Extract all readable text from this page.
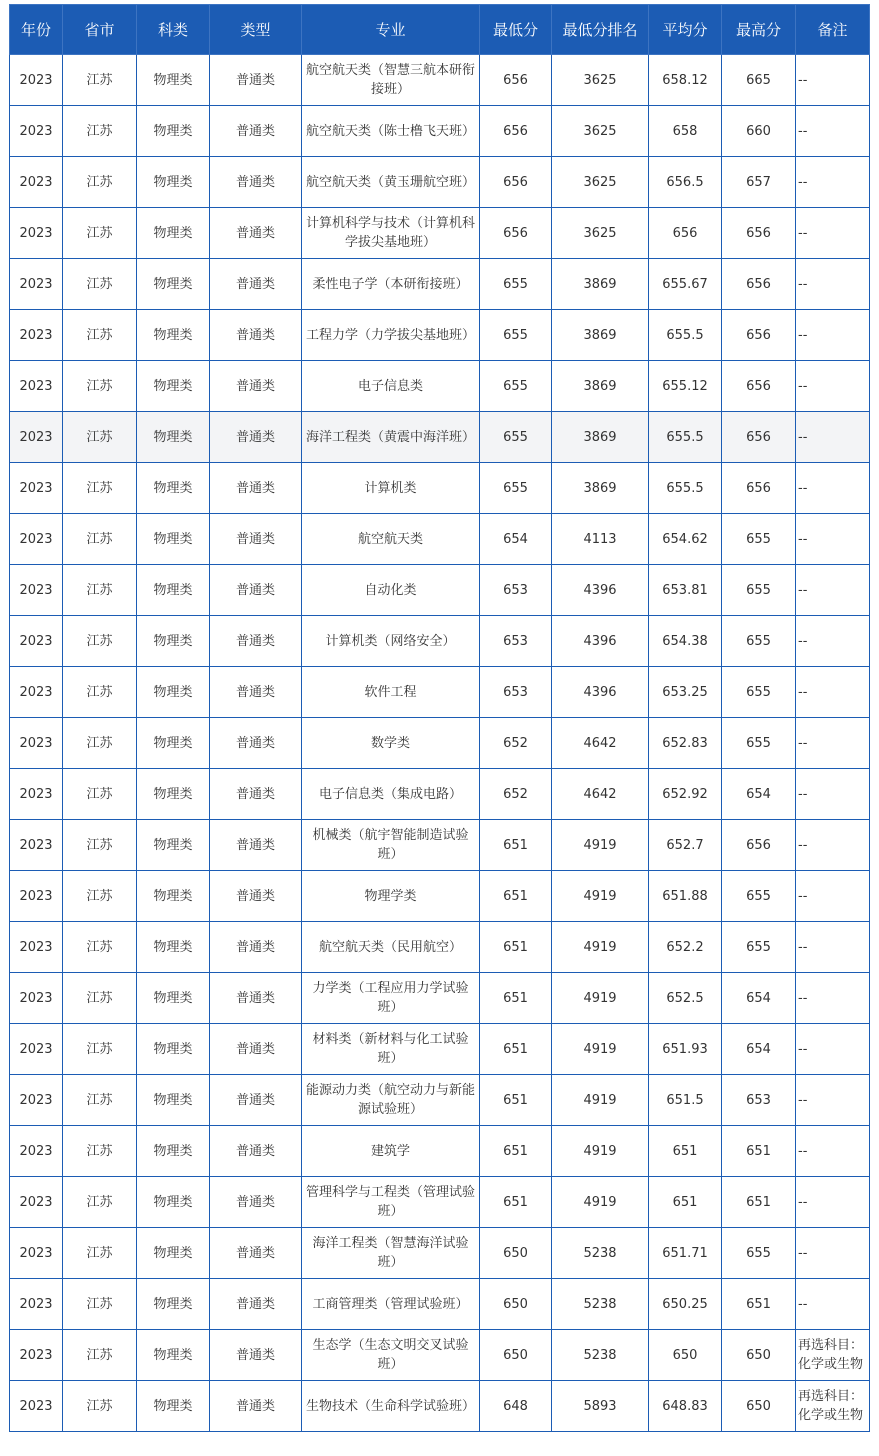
年份	省市	科类	类型	专业	最低分	最低分排名	平均分	最高分	备注
2023	江苏	物理类	普通类	航空航天类（智慧三航本研衔接班）	656	3625	658.12	665	--
2023	江苏	物理类	普通类	航空航天类（陈士橹飞天班）	656	3625	658	660	--
2023	江苏	物理类	普通类	航空航天类（黄玉珊航空班）	656	3625	656.5	657	--
2023	江苏	物理类	普通类	计算机科学与技术（计算机科学拔尖基地班）	656	3625	656	656	--
2023	江苏	物理类	普通类	柔性电子学（本研衔接班）	655	3869	655.67	656	--
2023	江苏	物理类	普通类	工程力学（力学拔尖基地班）	655	3869	655.5	656	--
2023	江苏	物理类	普通类	电子信息类	655	3869	655.12	656	--
2023	江苏	物理类	普通类	海洋工程类（黄震中海洋班）	655	3869	655.5	656	--
2023	江苏	物理类	普通类	计算机类	655	3869	655.5	656	--
2023	江苏	物理类	普通类	航空航天类	654	4113	654.62	655	--
2023	江苏	物理类	普通类	自动化类	653	4396	653.81	655	--
2023	江苏	物理类	普通类	计算机类（网络安全）	653	4396	654.38	655	--
2023	江苏	物理类	普通类	软件工程	653	4396	653.25	655	--
2023	江苏	物理类	普通类	数学类	652	4642	652.83	655	--
2023	江苏	物理类	普通类	电子信息类（集成电路）	652	4642	652.92	654	--
2023	江苏	物理类	普通类	机械类（航宇智能制造试验班）	651	4919	652.7	656	--
2023	江苏	物理类	普通类	物理学类	651	4919	651.88	655	--
2023	江苏	物理类	普通类	航空航天类（民用航空）	651	4919	652.2	655	--
2023	江苏	物理类	普通类	力学类（工程应用力学试验班）	651	4919	652.5	654	--
2023	江苏	物理类	普通类	材料类（新材料与化工试验班）	651	4919	651.93	654	--
2023	江苏	物理类	普通类	能源动力类（航空动力与新能源试验班）	651	4919	651.5	653	--
2023	江苏	物理类	普通类	建筑学	651	4919	651	651	--
2023	江苏	物理类	普通类	管理科学与工程类（管理试验班）	651	4919	651	651	--
2023	江苏	物理类	普通类	海洋工程类（智慧海洋试验班）	650	5238	651.71	655	--
2023	江苏	物理类	普通类	工商管理类（管理试验班）	650	5238	650.25	651	--
2023	江苏	物理类	普通类	生态学（生态文明交叉试验班）	650	5238	650	650	再选科目：化学或生物
2023	江苏	物理类	普通类	生物技术（生命科学试验班）	648	5893	648.83	650	再选科目：化学或生物
